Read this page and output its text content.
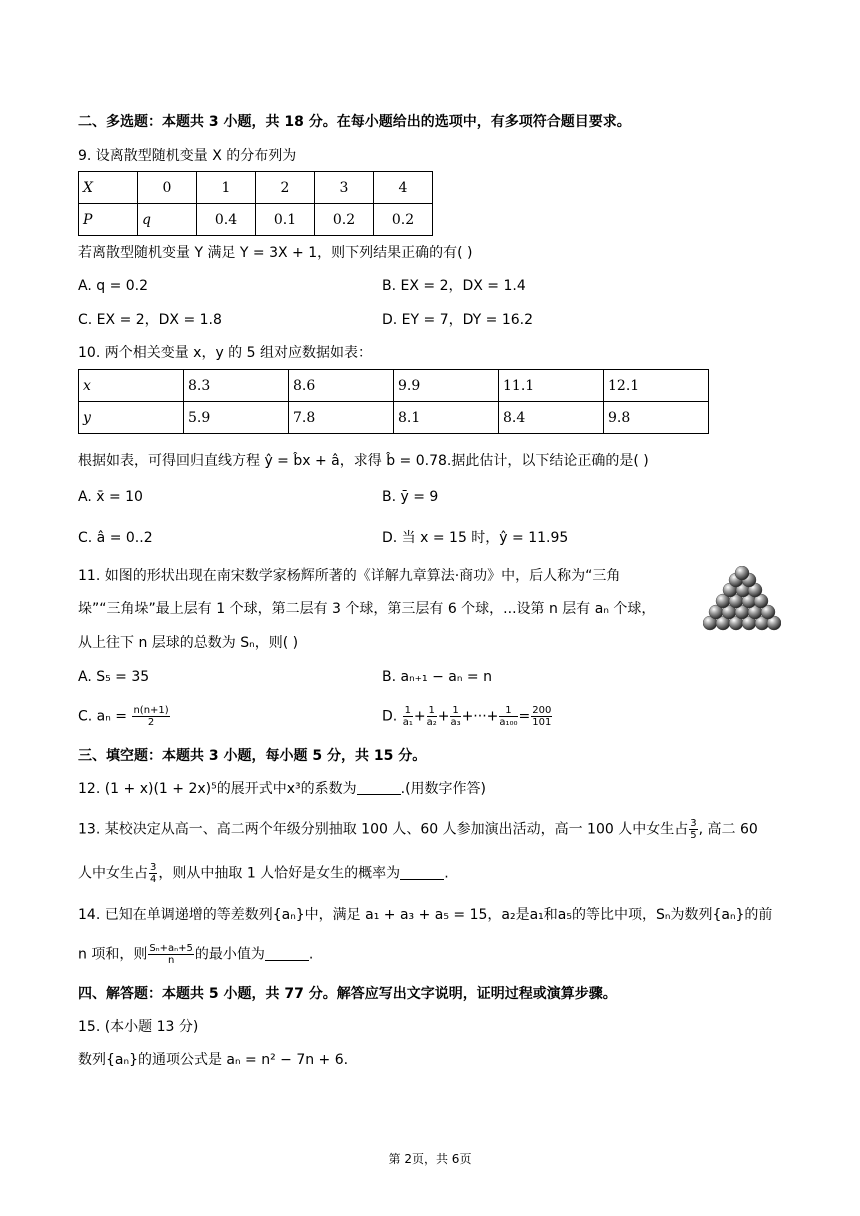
二、多选题：本题共 3 小题，共 18 分。在每小题给出的选项中，有多项符合题目要求。
9. 设离散型随机变量 X 的分布列为
X	0	1	2	3	4
P	q	0.4	0.1	0.2	0.2
若离散型随机变量 Y 满足 Y = 3X + 1，则下列结果正确的有( )
A. q = 0.2	B. EX = 2，DX = 1.4
C. EX = 2，DX = 1.8	D. EY = 7，DY = 16.2
10. 两个相关变量 x，y 的 5 组对应数据如表：
x	8.3	8.6	9.9	11.1	12.1
y	5.9	7.8	8.1	8.4	9.8
根据如表，可得回归直线方程 ŷ = b̂x + â，求得 b̂ = 0.78.据此估计，以下结论正确的是( )
A. x̄ = 10	B. ȳ = 9
C. â = 0..2	D. 当 x = 15 时，ŷ = 11.95
11. 如图的形状出现在南宋数学家杨辉所著的《详解九章算法·商功》中，后人称为“三角
垛”“三角垛”最上层有 1 个球，第二层有 3 个球，第三层有 6 个球，...设第 n 层有 aₙ 个球，
从上往下 n 层球的总数为 Sₙ，则( )
A. S₅ = 35	B. aₙ₊₁ − aₙ = n
C. $a_n = \frac{n(n+1)}{2}$	D. $\frac{1}{\text{a₁}} + \frac{1}{\text{a₂}} + \frac{1}{\text{a₃}}$ +···+ $\frac{1}{\text{a₁₀₀}} = \frac{200}{101}$
三、填空题：本题共 3 小题，每小题 5 分，共 15 分。
12. (1 + x)(1 + 2x)⁵的展开式中x³的系数为	.(用数字作答)
13. 某校决定从高一、高二两个年级分别抽取 100 人、60 人参加演出活动，高一 100 人中女生占 $\frac{3}{5}$ , 高二 60
人中女生占 $\frac{3}{4}$ ，则从中抽取 1 人恰好是女生的概率为	.
14. 已知在单调递增的等差数列{aₙ}中，满足 a₁ + a₃ + a₅ = 15，a₂是a₁和a₅的等比中项，Sₙ为数列{aₙ}的前
n 项和，则 $\frac{\text{Sₙ+aₙ+5}}{n}$ 的最小值为	.
四、解答题：本题共 5 小题，共 77 分。解答应写出文字说明，证明过程或演算步骤。
15. (本小题 13 分)
数列{aₙ}的通项公式是 aₙ = n² − 7n + 6.
第 2页，共 6页
